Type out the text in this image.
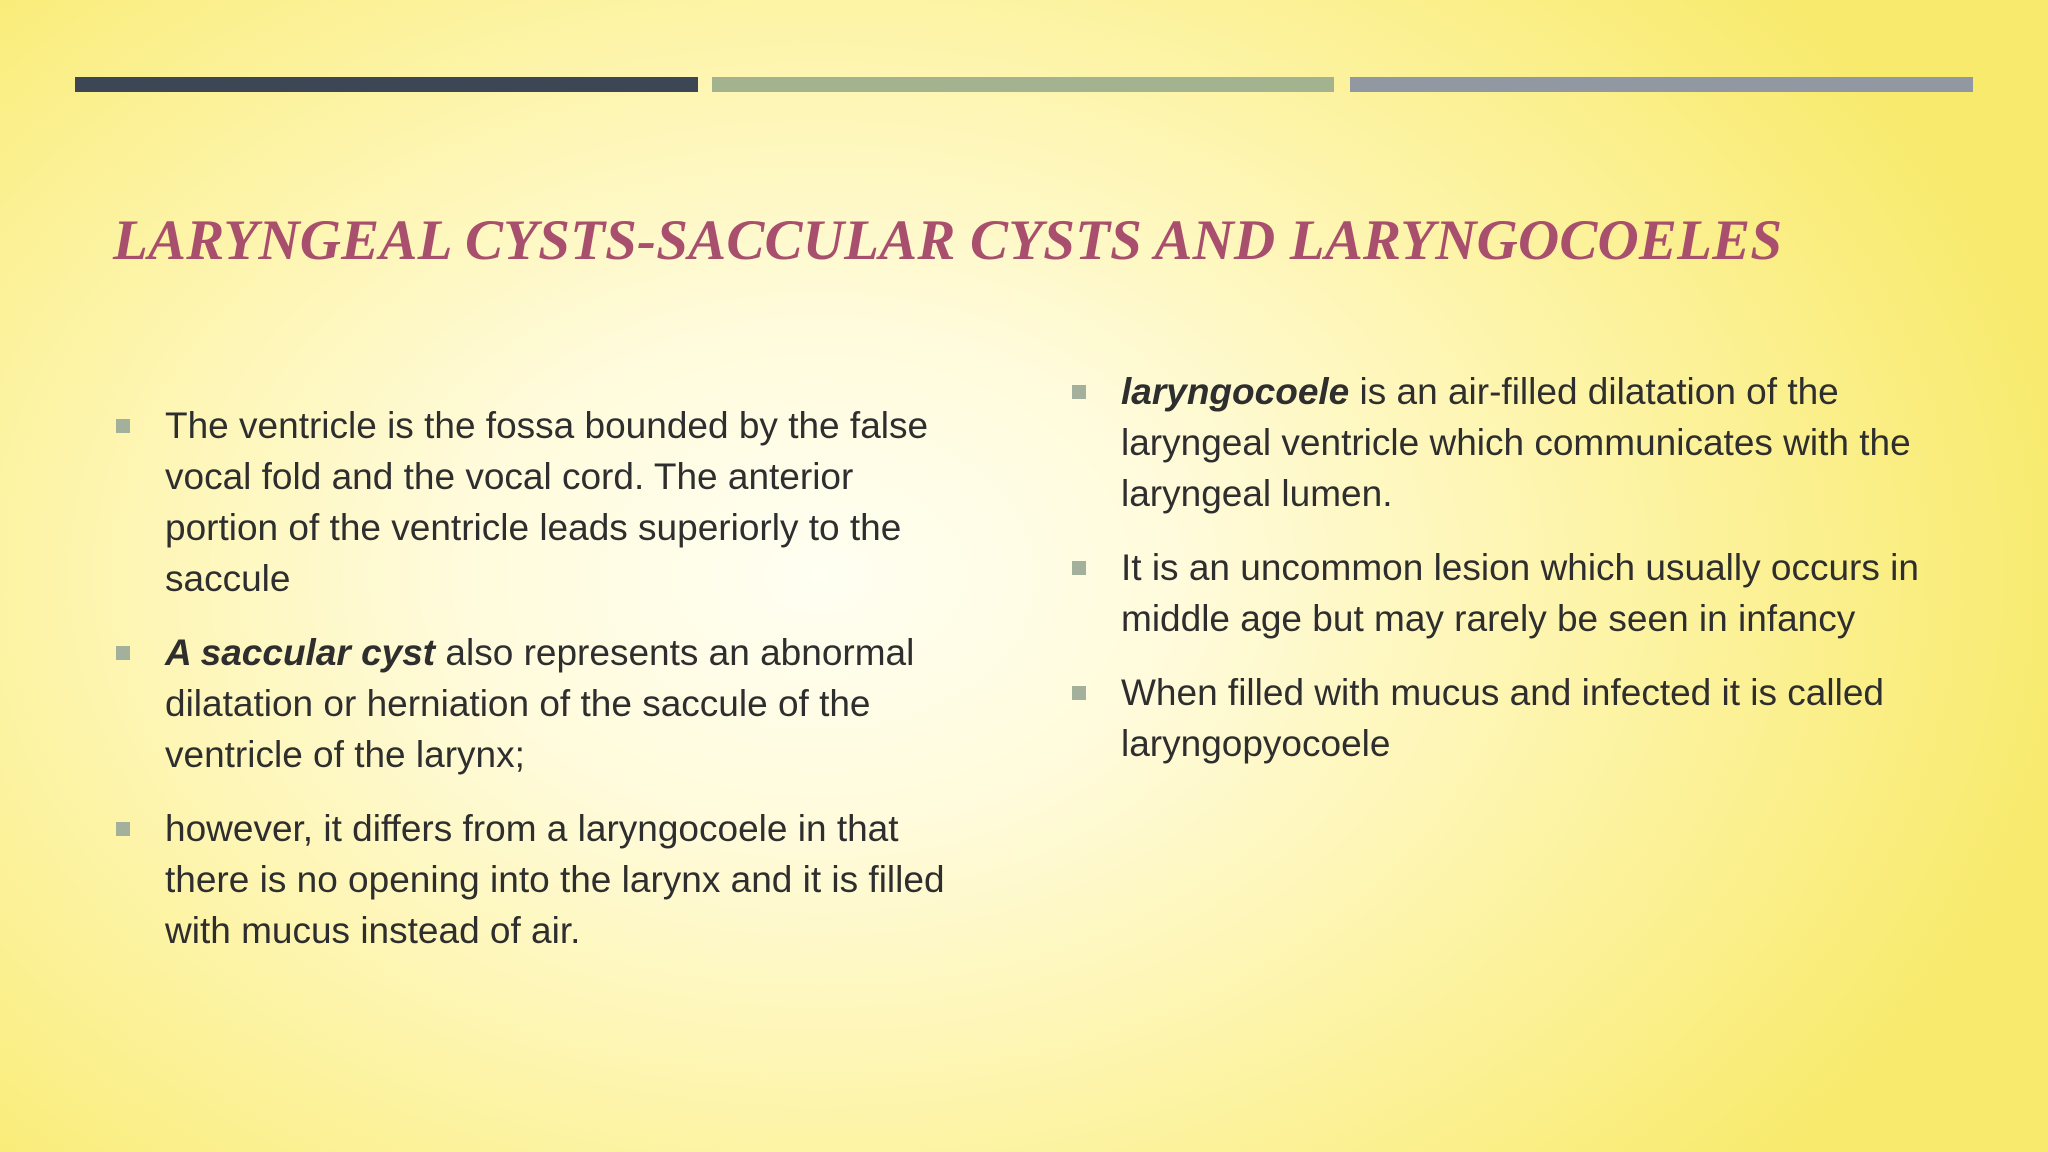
LARYNGEAL CYSTS-SACCULAR CYSTS AND LARYNGOCOELES
The ventricle is the fossa bounded by the false vocal fold and the vocal cord. The anterior portion of the ventricle leads superiorly to the saccule
A saccular cyst also represents an abnormal dilatation or herniation of the saccule of the ventricle of the larynx;
however, it differs from a laryngocoele in that there is no opening into the larynx and it is filled with mucus instead of air.
laryngocoele is an air-filled dilatation of the laryngeal ventricle which communicates with the laryngeal lumen.
It is an uncommon lesion which usually occurs in middle age but may rarely be seen in infancy
When filled with mucus and infected it is called laryngopyocoele
